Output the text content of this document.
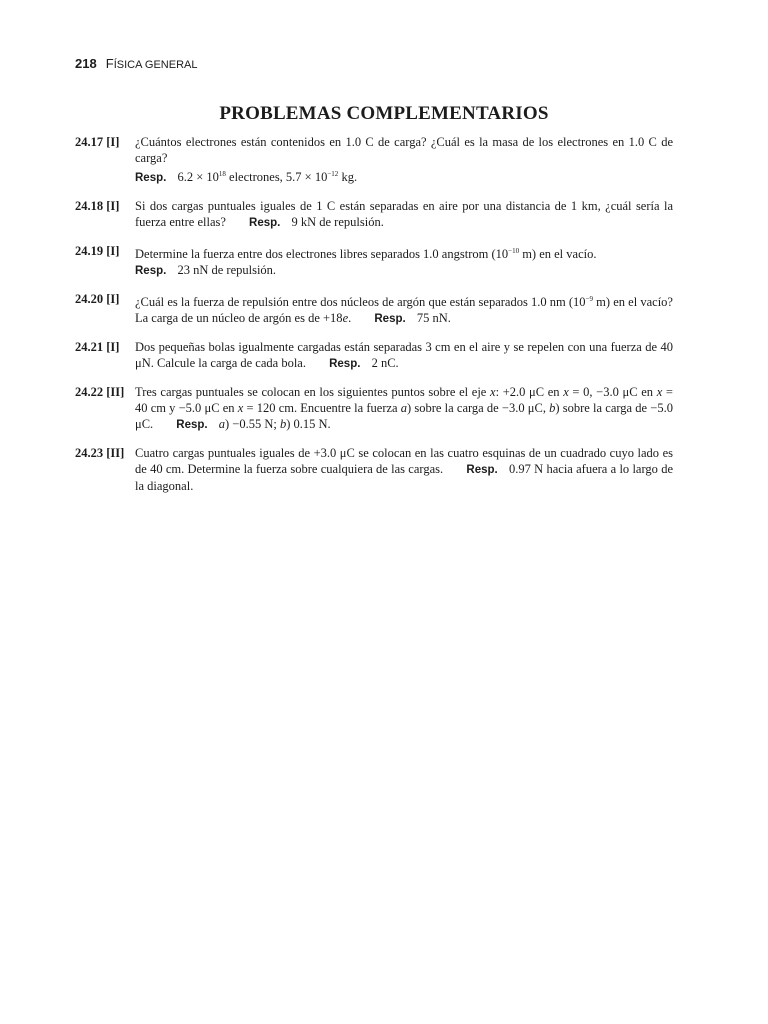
218 FÍSICA GENERAL
PROBLEMAS COMPLEMENTARIOS
24.17 [I]	¿Cuántos electrones están contenidos en 1.0 C de carga? ¿Cuál es la masa de los electrones en 1.0 C de carga?
Resp. $6.2 \times 10^{18}$ electrones, $5.7 \times 10^{-12}$ kg.
24.18 [I]	Si dos cargas puntuales iguales de 1 C están separadas en aire por una distancia de 1 km, ¿cuál sería la fuerza entre ellas? Resp. 9 kN de repulsión.
24.19 [I]	Determine la fuerza entre dos electrones libres separados 1.0 angstrom ($10^{-10}$ m) en el vacío.
Resp. 23 nN de repulsión.
24.20 [I]	¿Cuál es la fuerza de repulsión entre dos núcleos de argón que están separados 1.0 nm ($10^{-9}$ m) en el vacío? La carga de un núcleo de argón es de +18e. Resp. 75 nN.
24.21 [I]	Dos pequeñas bolas igualmente cargadas están separadas 3 cm en el aire y se repelen con una fuerza de 40 μN. Calcule la carga de cada bola. Resp. 2 nC.
24.22 [II] Tres cargas puntuales se colocan en los siguientes puntos sobre el eje x: +2.0 μC en x = 0, −3.0 μC en x = 40 cm y −5.0 μC en x = 120 cm. Encuentre la fuerza a) sobre la carga de −3.0 μC, b) sobre la carga de −5.0 μC. Resp. a) −0.55 N; b) 0.15 N.
24.23 [II] Cuatro cargas puntuales iguales de +3.0 μC se colocan en las cuatro esquinas de un cuadrado cuyo lado es de 40 cm. Determine la fuerza sobre cualquiera de las cargas. Resp. 0.97 N hacia afuera a lo largo de la diagonal.
